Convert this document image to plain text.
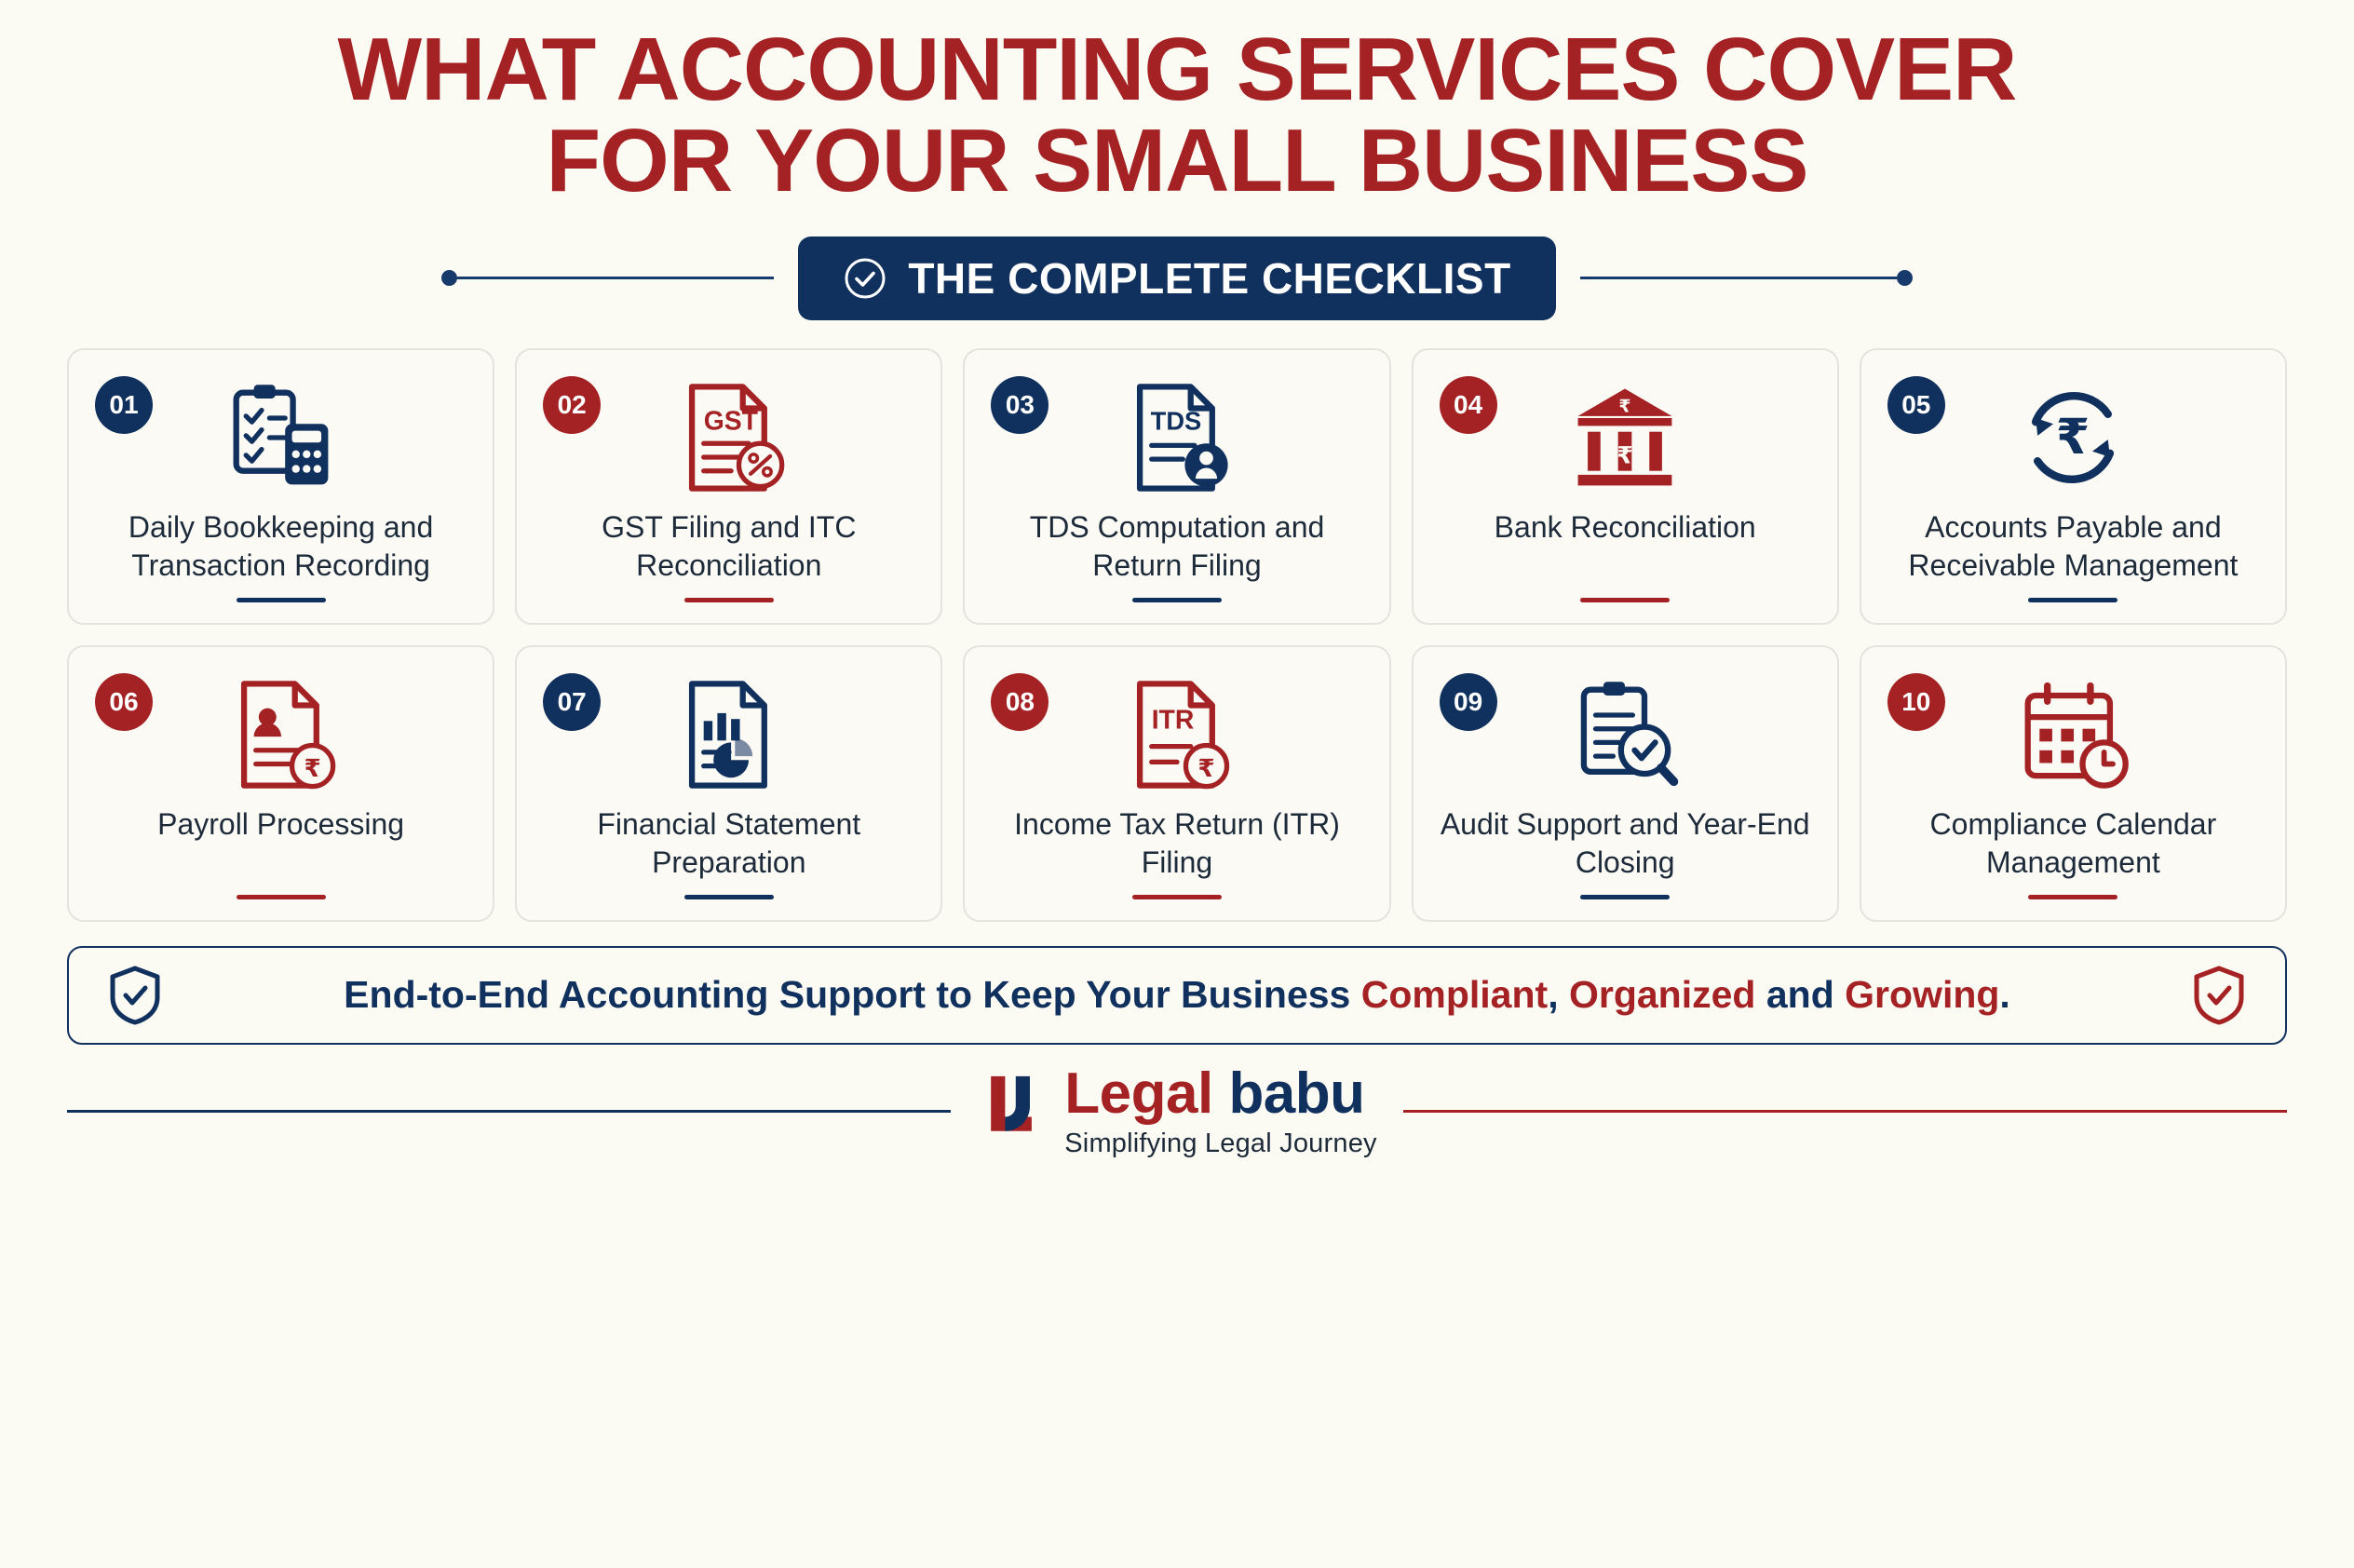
WHAT ACCOUNTING SERVICES COVER
FOR YOUR SMALL BUSINESS
THE COMPLETE CHECKLIST
01
Daily Bookkeeping and Transaction Recording
02
GST
GST Filing and ITC Reconciliation
03
TDS
TDS Computation and Return Filing
04	₹
₹
Bank Reconciliation
05
₹
Accounts Payable and Receivable Management
06
₹
Payroll Processing
07
Financial Statement Preparation
08
ITR
₹
Income Tax Return (ITR) Filing
09
Audit Support and Year-End Closing
10
Compliance Calendar Management
End-to-End Accounting Support to Keep Your Business Compliant, Organized and Growing.
Legal babu
Simplifying Legal Journey
